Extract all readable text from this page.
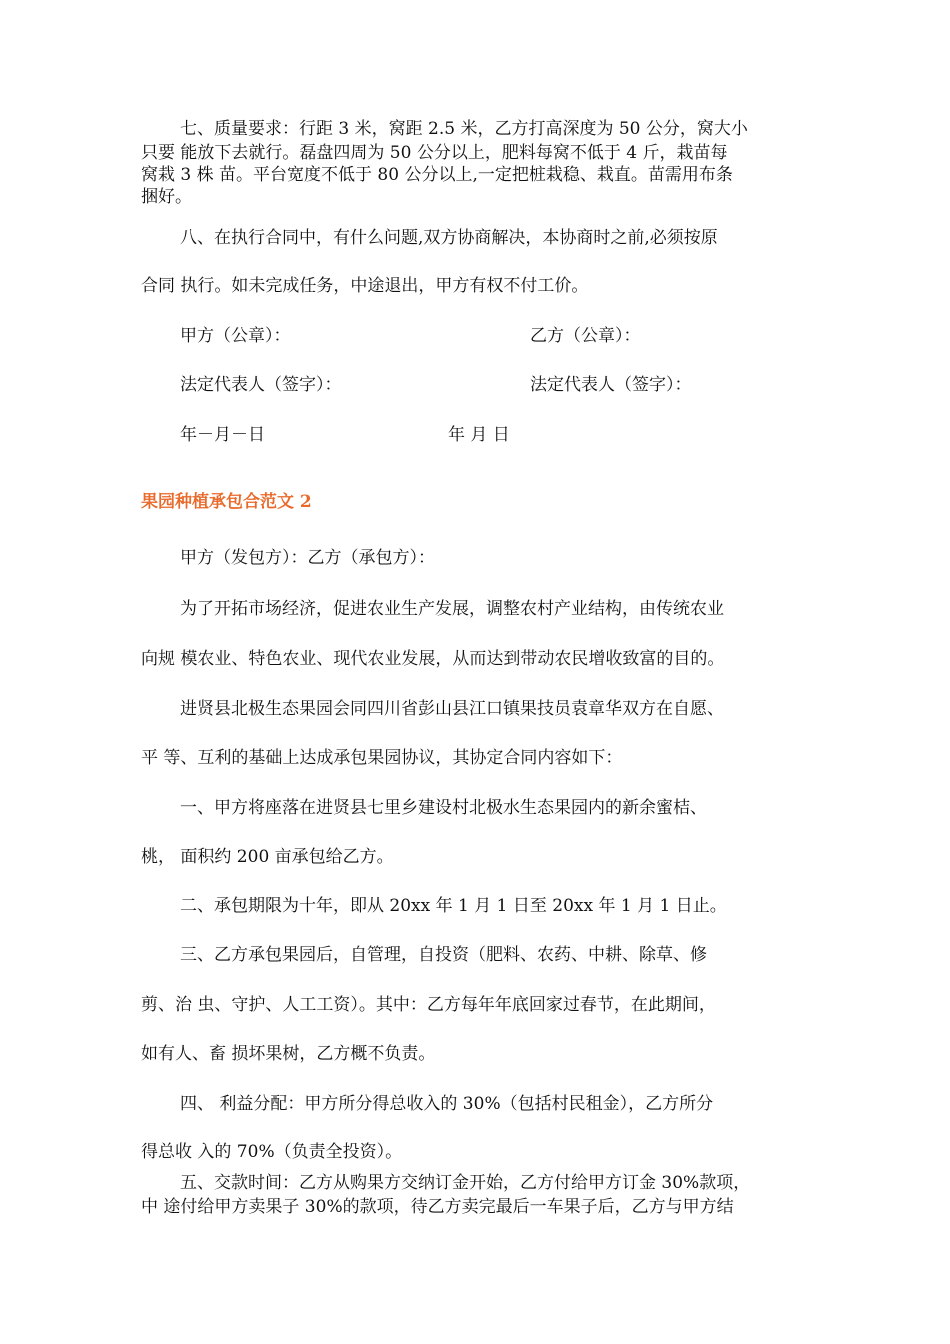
七、质量要求：行距 3 米，窝距 2.5 米，乙方打高深度为 50 公分，窝大小
只要 能放下去就行。磊盘四周为 50 公分以上，肥料每窝不低于 4 斤，栽苗每
窝栽 3 株 苗。平台宽度不低于 80 公分以上,一定把桩栽稳、栽直。苗需用布条
捆好。
八、在执行合同中，有什么问题,双方协商解决，本协商时之前,必须按原
合同 执行。如未完成任务，中途退出，甲方有权不付工价。
甲方（公章）：	乙方（公章）：
法定代表人（签字）：	法定代表人（签字）：
年－月－日	年 月 日
果园种植承包合范文 2
甲方（发包方）：乙方（承包方）：
为了开拓市场经济，促进农业生产发展，调整农村产业结构，由传统农业
向规 模农业、特色农业、现代农业发展，从而达到带动农民增收致富的目的。
进贤县北极生态果园会同四川省彭山县江口镇果技员袁章华双方在自愿、
平 等、互利的基础上达成承包果园协议，其协定合同内容如下：
一、甲方将座落在进贤县七里乡建设村北极水生态果园内的新余蜜桔、
桃， 面积约 200 亩承包给乙方。
二、承包期限为十年，即从 20xx 年 1 月 1 日至 20xx 年 1 月 1 日止。
三、乙方承包果园后，自管理，自投资（肥料、农药、中耕、除草、修
剪、治 虫、守护、人工工资）。其中：乙方每年年底回家过春节，在此期间，
如有人、畜 损坏果树，乙方概不负责。
四、 利益分配：甲方所分得总收入的 30%（包括村民租金），乙方所分
得总收 入的 70%（负责全投资）。
五、交款时间：乙方从购果方交纳订金开始，乙方付给甲方订金 30%款项，
中 途付给甲方卖果子 30%的款项，待乙方卖完最后一车果子后，乙方与甲方结
